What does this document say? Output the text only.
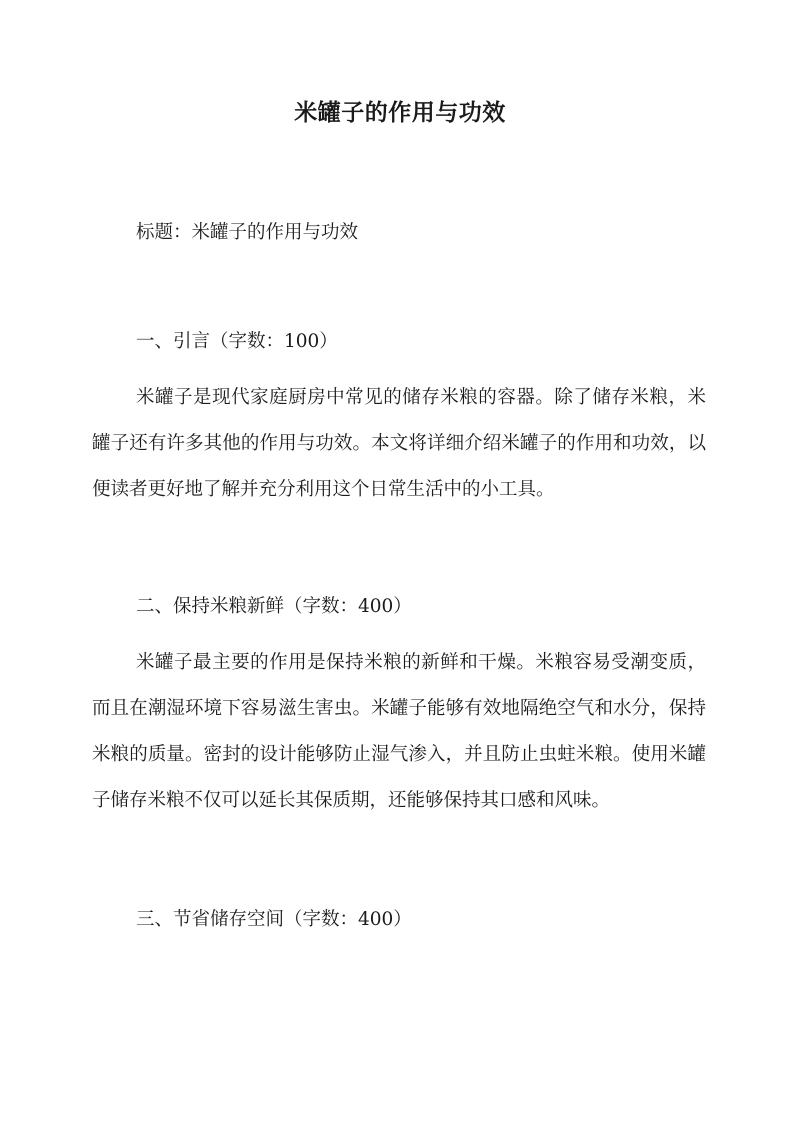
米罐子的作用与功效
标题：米罐子的作用与功效
一、引言（字数：100）

米罐子是现代家庭厨房中常见的储存米粮的容器。除了储存米粮，米罐子还有许多其他的作用与功效。本文将详细介绍米罐子的作用和功效，以便读者更好地了解并充分利用这个日常生活中的小工具。

二、保持米粮新鲜（字数：400）

米罐子最主要的作用是保持米粮的新鲜和干燥。米粮容易受潮变质，而且在潮湿环境下容易滋生害虫。米罐子能够有效地隔绝空气和水分，保持米粮的质量。密封的设计能够防止湿气渗入，并且防止虫蛀米粮。使用米罐子储存米粮不仅可以延长其保质期，还能够保持其口感和风味。

三、节省储存空间（字数：400）
